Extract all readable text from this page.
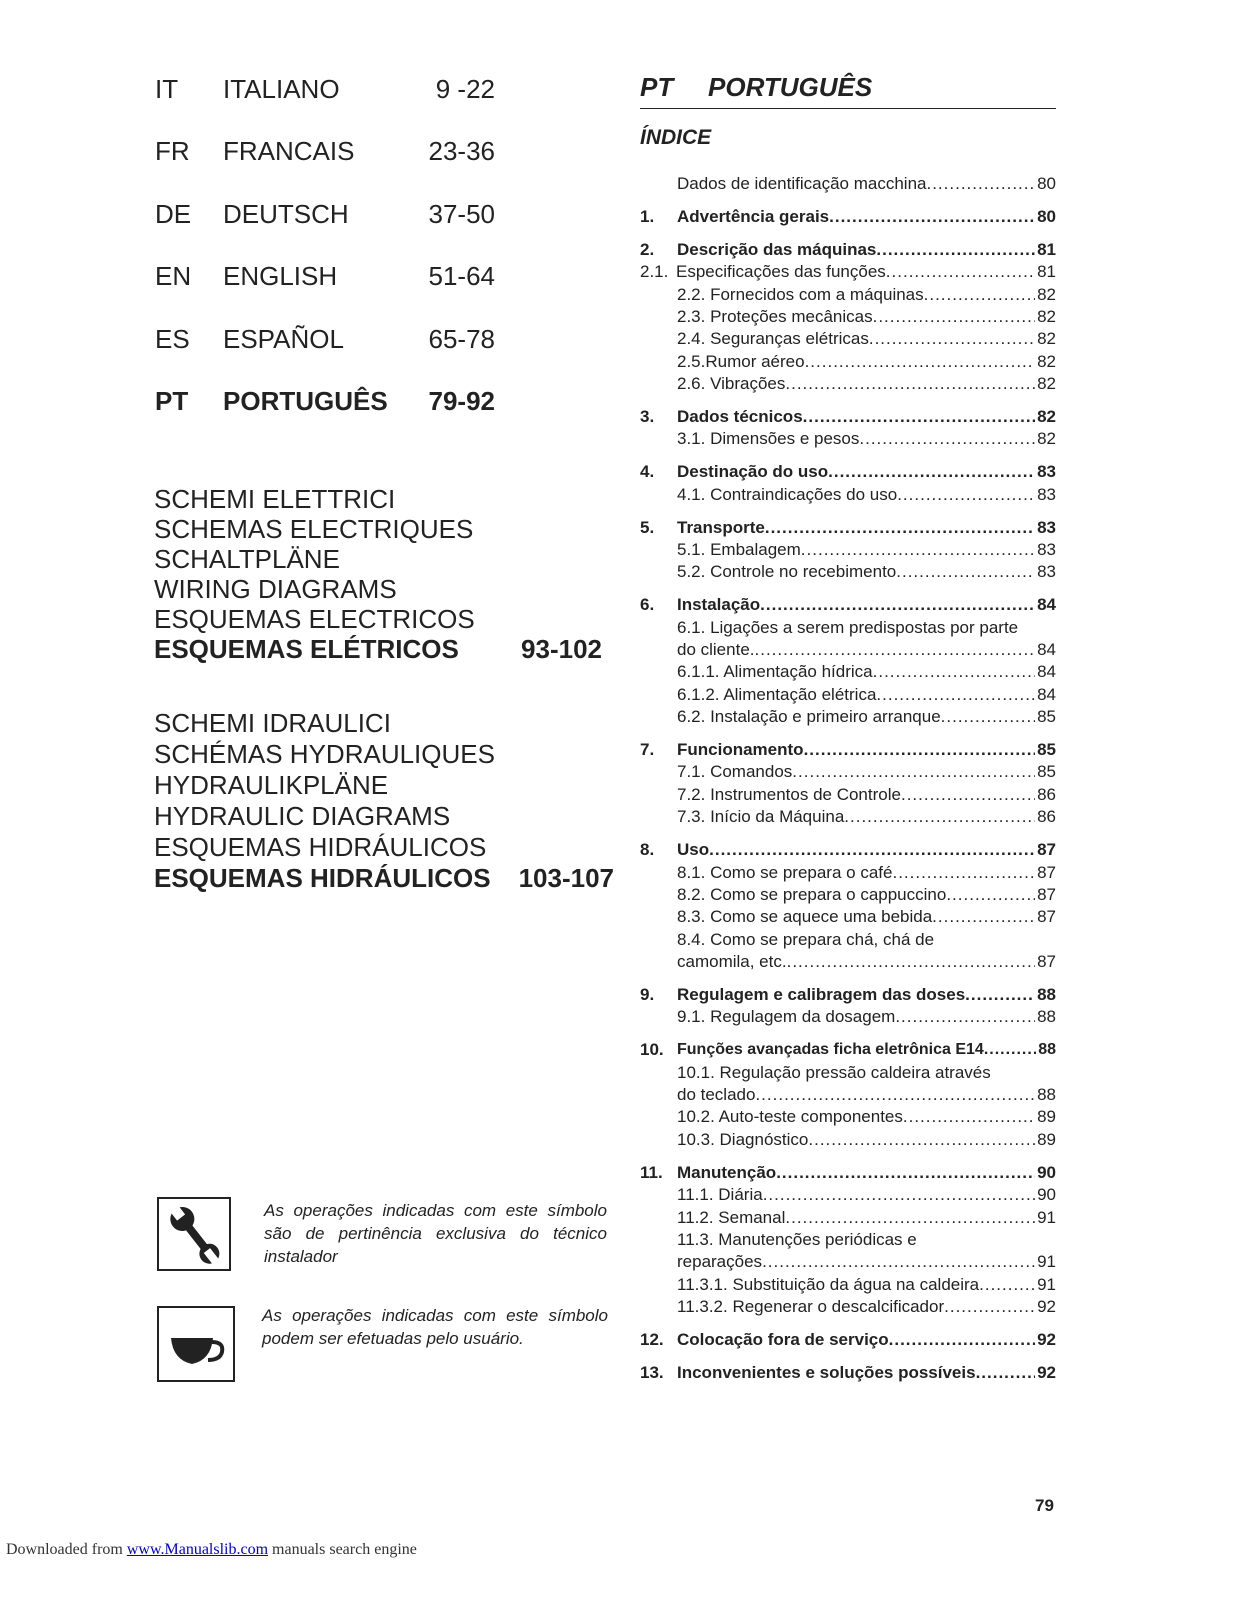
IT ITALIANO	9 -22
FR FRANCAIS	23-36
DE DEUTSCH	37-50
EN ENGLISH	51-64
ES ESPAÑOL	65-78
PT PORTUGUÊS 79-92
SCHEMI ELETTRICI
SCHEMAS ELECTRIQUES
SCHALTPLÄNE
WIRING DIAGRAMS
ESQUEMAS ELECTRICOS
ESQUEMAS ELÉTRICOS 93-102
SCHEMI IDRAULICI
SCHÉMAS HYDRAULIQUES
HYDRAULIKPLÄNE
HYDRAULIC DIAGRAMS
ESQUEMAS HIDRÁULICOS
ESQUEMAS HIDRÁULICOS 103-107
As operações indicadas com este símbolo são de pertinência exclusiva do técnico instalador
As operações indicadas com este símbolo podem ser efetuadas pelo usuário.
PT PORTUGUÊS
ÍNDICE
Dados de identificação macchina .....	80
1. Advertência gerais .....	80
2. Descrição das máquinas .....	81
2.1. Especificações das funções .....	81
2.2. Fornecidos com a máquinas .....	82
2.3. Proteções mecânicas .....	82
2.4. Seguranças elétricas .....	82
2.5.Rumor aéreo .....	82
2.6. Vibrações .....	82
3. Dados técnicos .....	82
3.1. Dimensões e pesos .....	82
4. Destinação do uso .....	83
4.1. Contraindicações do uso .....	83
5. Transporte .....	83
5.1. Embalagem .....	83
5.2. Controle no recebimento .....	83
6. Instalação .....	84
6.1. Ligações a serem predispostas por parte
do cliente. .....	84
6.1.1. Alimentação hídrica .....	84
6.1.2. Alimentação elétrica .....	84
6.2. Instalação e primeiro arranque .....	85
7. Funcionamento .....	85
7.1. Comandos .....	85
7.2. Instrumentos de Controle .....	86
7.3. Início da Máquina .....	86
8. Uso .....	87
8.1. Como se prepara o café .....	87
8.2. Como se prepara o cappuccino .....	87
8.3. Como se aquece uma bebida .....	87
8.4. Como se prepara chá, chá de
camomila, etc. .....	87
9. Regulagem e calibragem das doses .....	88
9.1. Regulagem da dosagem .....	88
10. Funções avançadas ficha eletrônica E14 .....	88
10.1. Regulação pressão caldeira através
do teclado .....	88
10.2. Auto-teste componentes .....	89
10.3. Diagnóstico .....	89
11. Manutenção .....	90
11.1. Diária .....	90
11.2. Semanal .....	91
11.3. Manutenções periódicas e
reparações .....	91
11.3.1. Substituição da água na caldeira .....	91
11.3.2. Regenerar o descalcificador .....	92
12. Colocação fora de serviço .....	92
13. Inconvenientes e soluções possíveis .....	92
79
Downloaded from www.Manualslib.com manuals search engine
